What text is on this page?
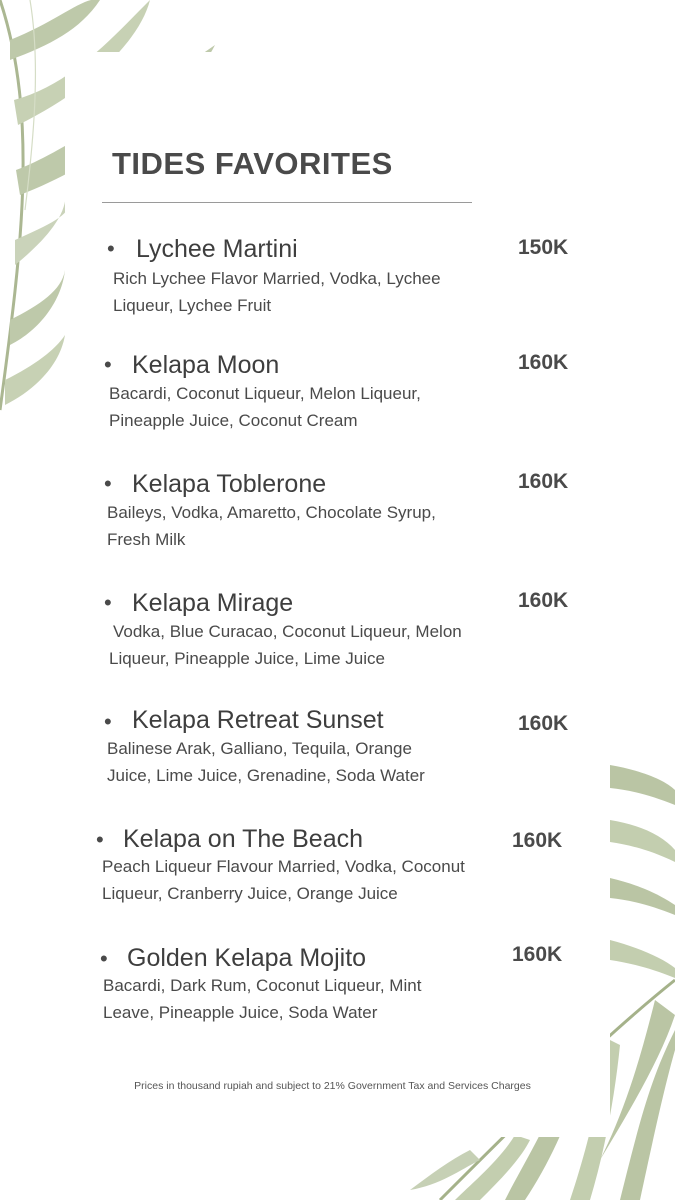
TIDES FAVORITES
• Lychee Martini	150K
Rich Lychee Flavor Married, Vodka, Lychee
Liqueur, Lychee Fruit
• Kelapa Moon	160K
Bacardi, Coconut Liqueur, Melon Liqueur,
Pineapple Juice, Coconut Cream
• Kelapa Toblerone	160K
Baileys, Vodka, Amaretto, Chocolate Syrup,
Fresh Milk
• Kelapa Mirage	160K
Vodka, Blue Curacao, Coconut Liqueur, Melon
Liqueur, Pineapple Juice, Lime Juice
• Kelapa Retreat Sunset	160K
Balinese Arak, Galliano, Tequila, Orange
Juice, Lime Juice, Grenadine, Soda Water
• Kelapa on The Beach	160K
Peach Liqueur Flavour Married, Vodka, Coconut
Liqueur, Cranberry Juice, Orange Juice
• Golden Kelapa Mojito	160K
Bacardi, Dark Rum, Coconut Liqueur, Mint
Leave, Pineapple Juice, Soda Water
Prices in thousand rupiah and subject to 21% Government Tax and Services Charges
